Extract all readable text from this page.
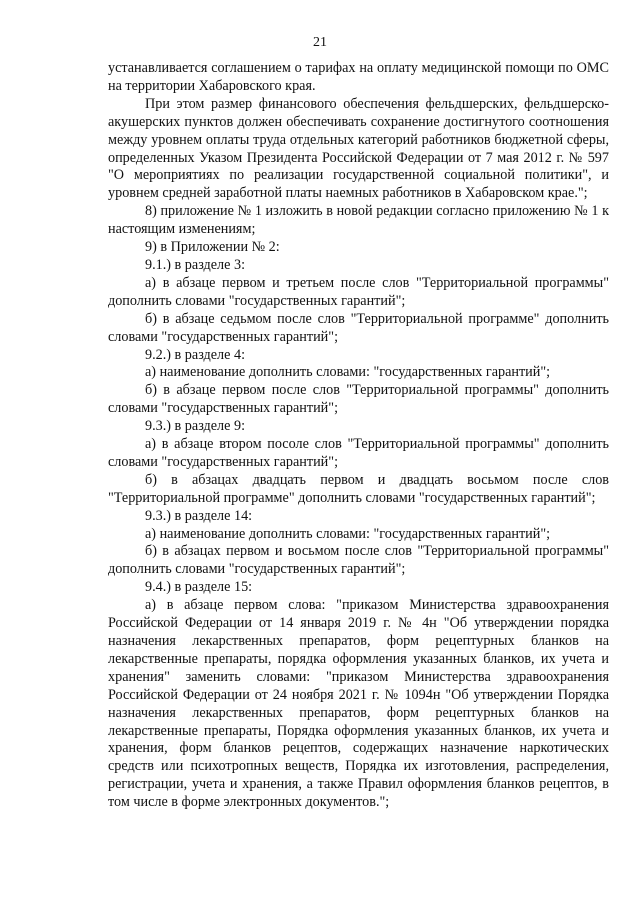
21

устанавливается соглашением о тарифах на оплату медицинской помощи по ОМС на территории Хабаровского края.

При этом размер финансового обеспечения фельдшерских, фельдшерско-акушерских пунктов должен обеспечивать сохранение достигнутого соотношения между уровнем оплаты труда отдельных категорий работников бюджетной сферы, определенных Указом Президента Российской Федерации от 7 мая 2012 г. № 597 "О мероприятиях по реализации государственной социальной политики", и уровнем средней заработной платы наемных работников в Хабаровском крае.";

8) приложение № 1 изложить в новой редакции согласно приложению № 1 к настоящим изменениям;

9) в Приложении № 2:

9.1.) в разделе 3:

а) в абзаце первом и третьем после слов "Территориальной программы" дополнить словами "государственных гарантий";

б) в абзаце седьмом после слов "Территориальной программе" дополнить словами "государственных гарантий";

9.2.) в разделе 4:

а) наименование дополнить словами: "государственных гарантий";

б) в абзаце первом после слов "Территориальной программы" дополнить словами "государственных гарантий";

9.3.) в разделе 9:

а) в абзаце втором посоле слов "Территориальной программы" дополнить словами "государственных гарантий";

б) в абзацах двадцать первом и двадцать восьмом после слов "Территориальной программе" дополнить словами "государственных гарантий";

9.3.) в разделе 14:

а) наименование дополнить словами: "государственных гарантий";

б) в абзацах первом и восьмом после слов "Территориальной программы" дополнить словами "государственных гарантий";

9.4.) в разделе 15:

а) в абзаце первом слова: "приказом Министерства здравоохранения Российской Федерации от 14 января 2019 г. № 4н "Об утверждении порядка назначения лекарственных препаратов, форм рецептурных бланков на лекарственные препараты, порядка оформления указанных бланков, их учета и хранения" заменить словами: "приказом Министерства здравоохранения Российской Федерации от 24 ноября 2021 г. № 1094н "Об утверждении Порядка назначения лекарственных препаратов, форм рецептурных бланков на лекарственные препараты, Порядка оформления указанных бланков, их учета и хранения, форм бланков рецептов, содержащих назначение наркотических средств или психотропных веществ, Порядка их изготовления, распределения, регистрации, учета и хранения, а также Правил оформления бланков рецептов, в том числе в форме электронных документов.";
